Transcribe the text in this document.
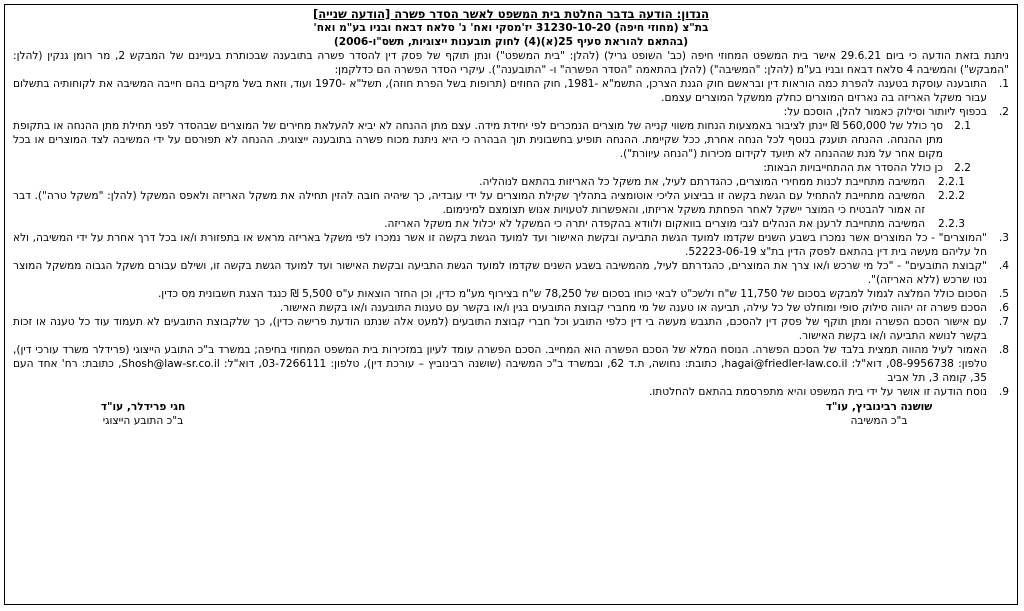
הנדון: הודעה בדבר החלטת בית המשפט לאשר הסדר פשרה [הודעה שנייה]
בת"צ (מחוזי חיפה) 31230-10-20 יז'מסקי ואח' נ' סלאח דבאח ובניו בע"מ ואח'
(בהתאם להוראת סעיף 25(א)(4) לחוק תובענות ייצוגיות, תשס"ו-2006)

ניתנת בזאת הודעה כי ביום 29.6.21 אישר בית המשפט המחוזי חיפה (כב' השופט גריל) (להלן: "בית המשפט") ונתן תוקף של פסק דין להסדר פשרה בתובענה שבכותרת בעניינם של המבקש 2, מר רומן גנקין (להלן: "המבקש") והמשיבה 4 סלאח דבאח ובניו בע"מ (להלן: "המשיבה") (להלן בהתאמה "הסדר הפשרה" ו- "התובענה"). עיקרי הסדר הפשרה הם כדלקמן:

1.
התובענה עוסקת בטענה להפרת כמה הוראות דין ובראשם חוק הגנת הצרכן, התשמ"א -1981, חוק החוזים (תרופות בשל הפרת חוזה), תשל"א -1970 ועוד, וזאת בשל מקרים בהם חייבה המשיבה את לקוחותיה בתשלום עבור משקל האריזה בה נארזים המוצרים כחלק ממשקל המוצרים עצמם.
2.
בכפוף ליותור וסילוק כאמור להלן, הוסכם על:
2.1
סך כולל של 560,000 ₪ יינתן לציבור באמצעות הנחות משווי קנייה של מוצרים הנמכרים לפי יחידת מידה. עצם מתן ההנחה לא יביא להעלאת מחירים של המוצרים שבהסדר לפני תחילת מתן ההנחה או בתקופת מתן ההנחה. ההנחה תוענק בנוסף לכל הנחה אחרת, ככל שקיימת. ההנחה תופיע בחשבונית תוך הבהרה כי היא ניתנת מכוח פשרה בתובענה ייצוגית. ההנחה לא תפורסם על ידי המשיבה לצד המוצרים או בכל מקום אחר על מנת שההנחה לא תיועד לקידום מכירות ("הנחה עיוורת").
2.2
כן כולל ההסדר את ההתחייבויות הבאות:
2.2.1
המשיבה מתחייבת לכנות ממחירי המוצרים, כהגדרתם לעיל, את משקל כל האריזות בהתאם לנוהליה.
2.2.2
המשיבה מתחייבת להתחיל עם הגשת בקשה זו בביצוע הליכי אוטומציה בתהליך שקילת המוצרים על ידי עובדיה, כך שיהיה חובה להזין תחילה את משקל האריזה ולאפס המשקל (להלן: "משקל טרה"). דבר זה אמור להבטיח כי המוצר יישקל לאחר הפחתת משקל אריזתו, והאפשרות לטעויות אנוש תצומצם למינימום.
2.2.3
המשיבה מתחייבת לרענן את הנהלים לגבי מוצרים בוואקום ולוודא בהקפדה יתרה כי המשקל לא יכלול את משקל האריזה.
3.
"המוצרים" - כל המוצרים אשר נמכרו בשבע השנים שקדמו למועד הגשת התביעה ובקשת האישור ועד למועד הגשת בקשה זו אשר נמכרו לפי משקל באריזה מראש או בתפזורת ו/או בכל דרך אחרת על ידי המשיבה, ולא חל עליהם מעשה בית דין בהתאם לפסק הדין בת"צ 52223-06-19.
4.
"קבוצת התובעים" - "כל מי שרכש ו/או צרך את המוצרים, כהגדרתם לעיל, מהמשיבה בשבע השנים שקדמו למועד הגשת התביעה ובקשת האישור ועד למועד הגשת בקשה זו, ושילם עבורם משקל הגבוה ממשקל המוצר נטו שרכש (ללא האריזה)".
5.
הסכום כולל המלצה לגמול למבקש בסכום של 11,750 ש"ח ולשכ"ט לבאי כוחו בסכום של 78,250 ש"ח בצירוף מע"מ כדין, וכן החזר הוצאות ע"ס 5,500 ₪ כנגד הצגת חשבונית מס כדין.
6.
הסכם פשרה זה יהווה סילוק סופי ומוחלט של כל עילה, תביעה או טענה של מי מחברי קבוצת התובעים בגין ו/או בקשר עם טענות התובענה ו/או בקשת האישור.
7.
עם אישור הסכם הפשרה ומתן תוקף של פסק דין להסכם, התגבש מעשה בי דין כלפי התובע וכל חברי קבוצת התובעים (למעט אלה שנתנו הודעת פרישה כדין), כך שלקבוצת התובעים לא תעמוד עוד כל טענה או זכות בקשר לנושא התביעה ו/או בקשת האישור.
8.
האמור לעיל מהווה תמצית בלבד של הסכם הפשרה. הנוסח המלא של הסכם הפשרה הוא המחייב. הסכם הפשרה עומד לעיון במזכירות בית המשפט המחוזי בחיפה; במשרד ב"כ התובע הייצוגי (פרידלר משרד עורכי דין), טלפון: 08-9956738, דוא"ל: hagai@friedler-law.co.il, כתובת: נחושה, ת.ד 62, ובמשרד ב"כ המשיבה (שושנה רבינוביץ – עורכת דין), טלפון: 03-7266111, דוא"ל: Shosh@law-sr.co.il, כתובת: רח' אחד העם 35, קומה 3, תל אביב
9.
נוסח הודעה זו אושר על ידי בית המשפט והיא מתפרסמת בהתאם להחלטתו.
שושנה רבינוביץ, עו"ד
ב"כ המשיבה
חגי פרידלר, עו"ד
ב"כ התובע הייצוגי
